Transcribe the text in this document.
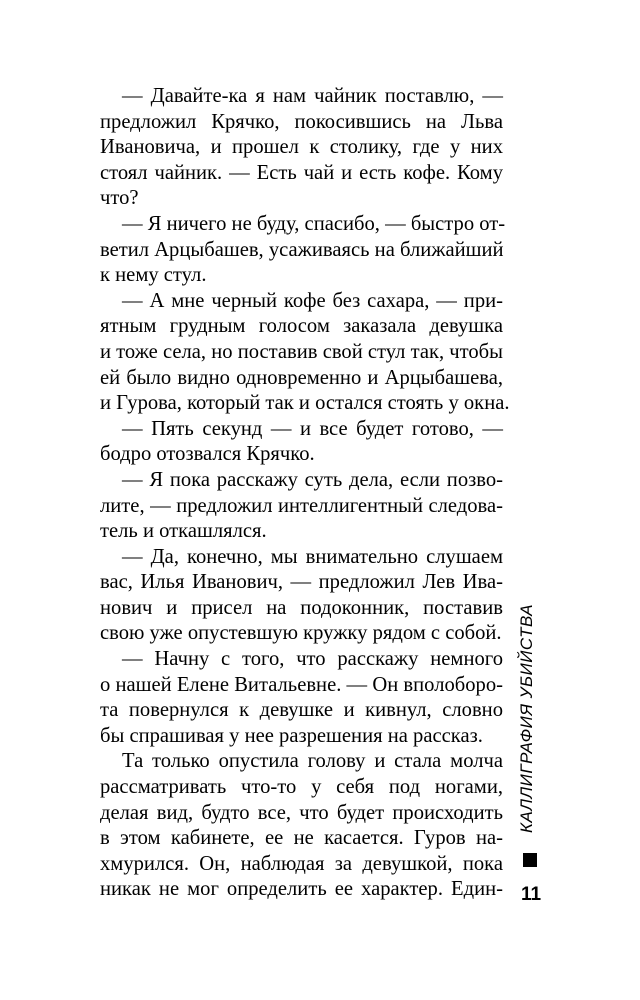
— Давайте-ка я нам чайник поставлю, —
предложил Крячко, покосившись на Льва
Ивановича, и прошел к столику, где у них
стоял чайник. — Есть чай и есть кофе. Кому
что?
— Я ничего не буду, спасибо, — быстро от-
ветил Арцыбашев, усаживаясь на ближайший
к нему стул.
— А мне черный кофе без сахара, — при-
ятным грудным голосом заказала девушка
и тоже села, но поставив свой стул так, чтобы
ей было видно одновременно и Арцыбашева,
и Гурова, который так и остался стоять у окна.
— Пять секунд — и все будет готово, —
бодро отозвался Крячко.
— Я пока расскажу суть дела, если позво-
лите, — предложил интеллигентный следова-
тель и откашлялся.
— Да, конечно, мы внимательно слушаем
вас, Илья Иванович, — предложил Лев Ива-
нович и присел на подоконник, поставив
свою уже опустевшую кружку рядом с собой.
— Начну с того, что расскажу немного
о нашей Елене Витальевне. — Он вполоборо-
та повернулся к девушке и кивнул, словно
бы спрашивая у нее разрешения на рассказ.
Та только опустила голову и стала молча
рассматривать что-то у себя под ногами,
делая вид, будто все, что будет происходить
в этом кабинете, ее не касается. Гуров на-
хмурился. Он, наблюдая за девушкой, пока
никак не мог определить ее характер. Един-
КАЛЛИГРАФИЯ УБИЙСТВА
11
